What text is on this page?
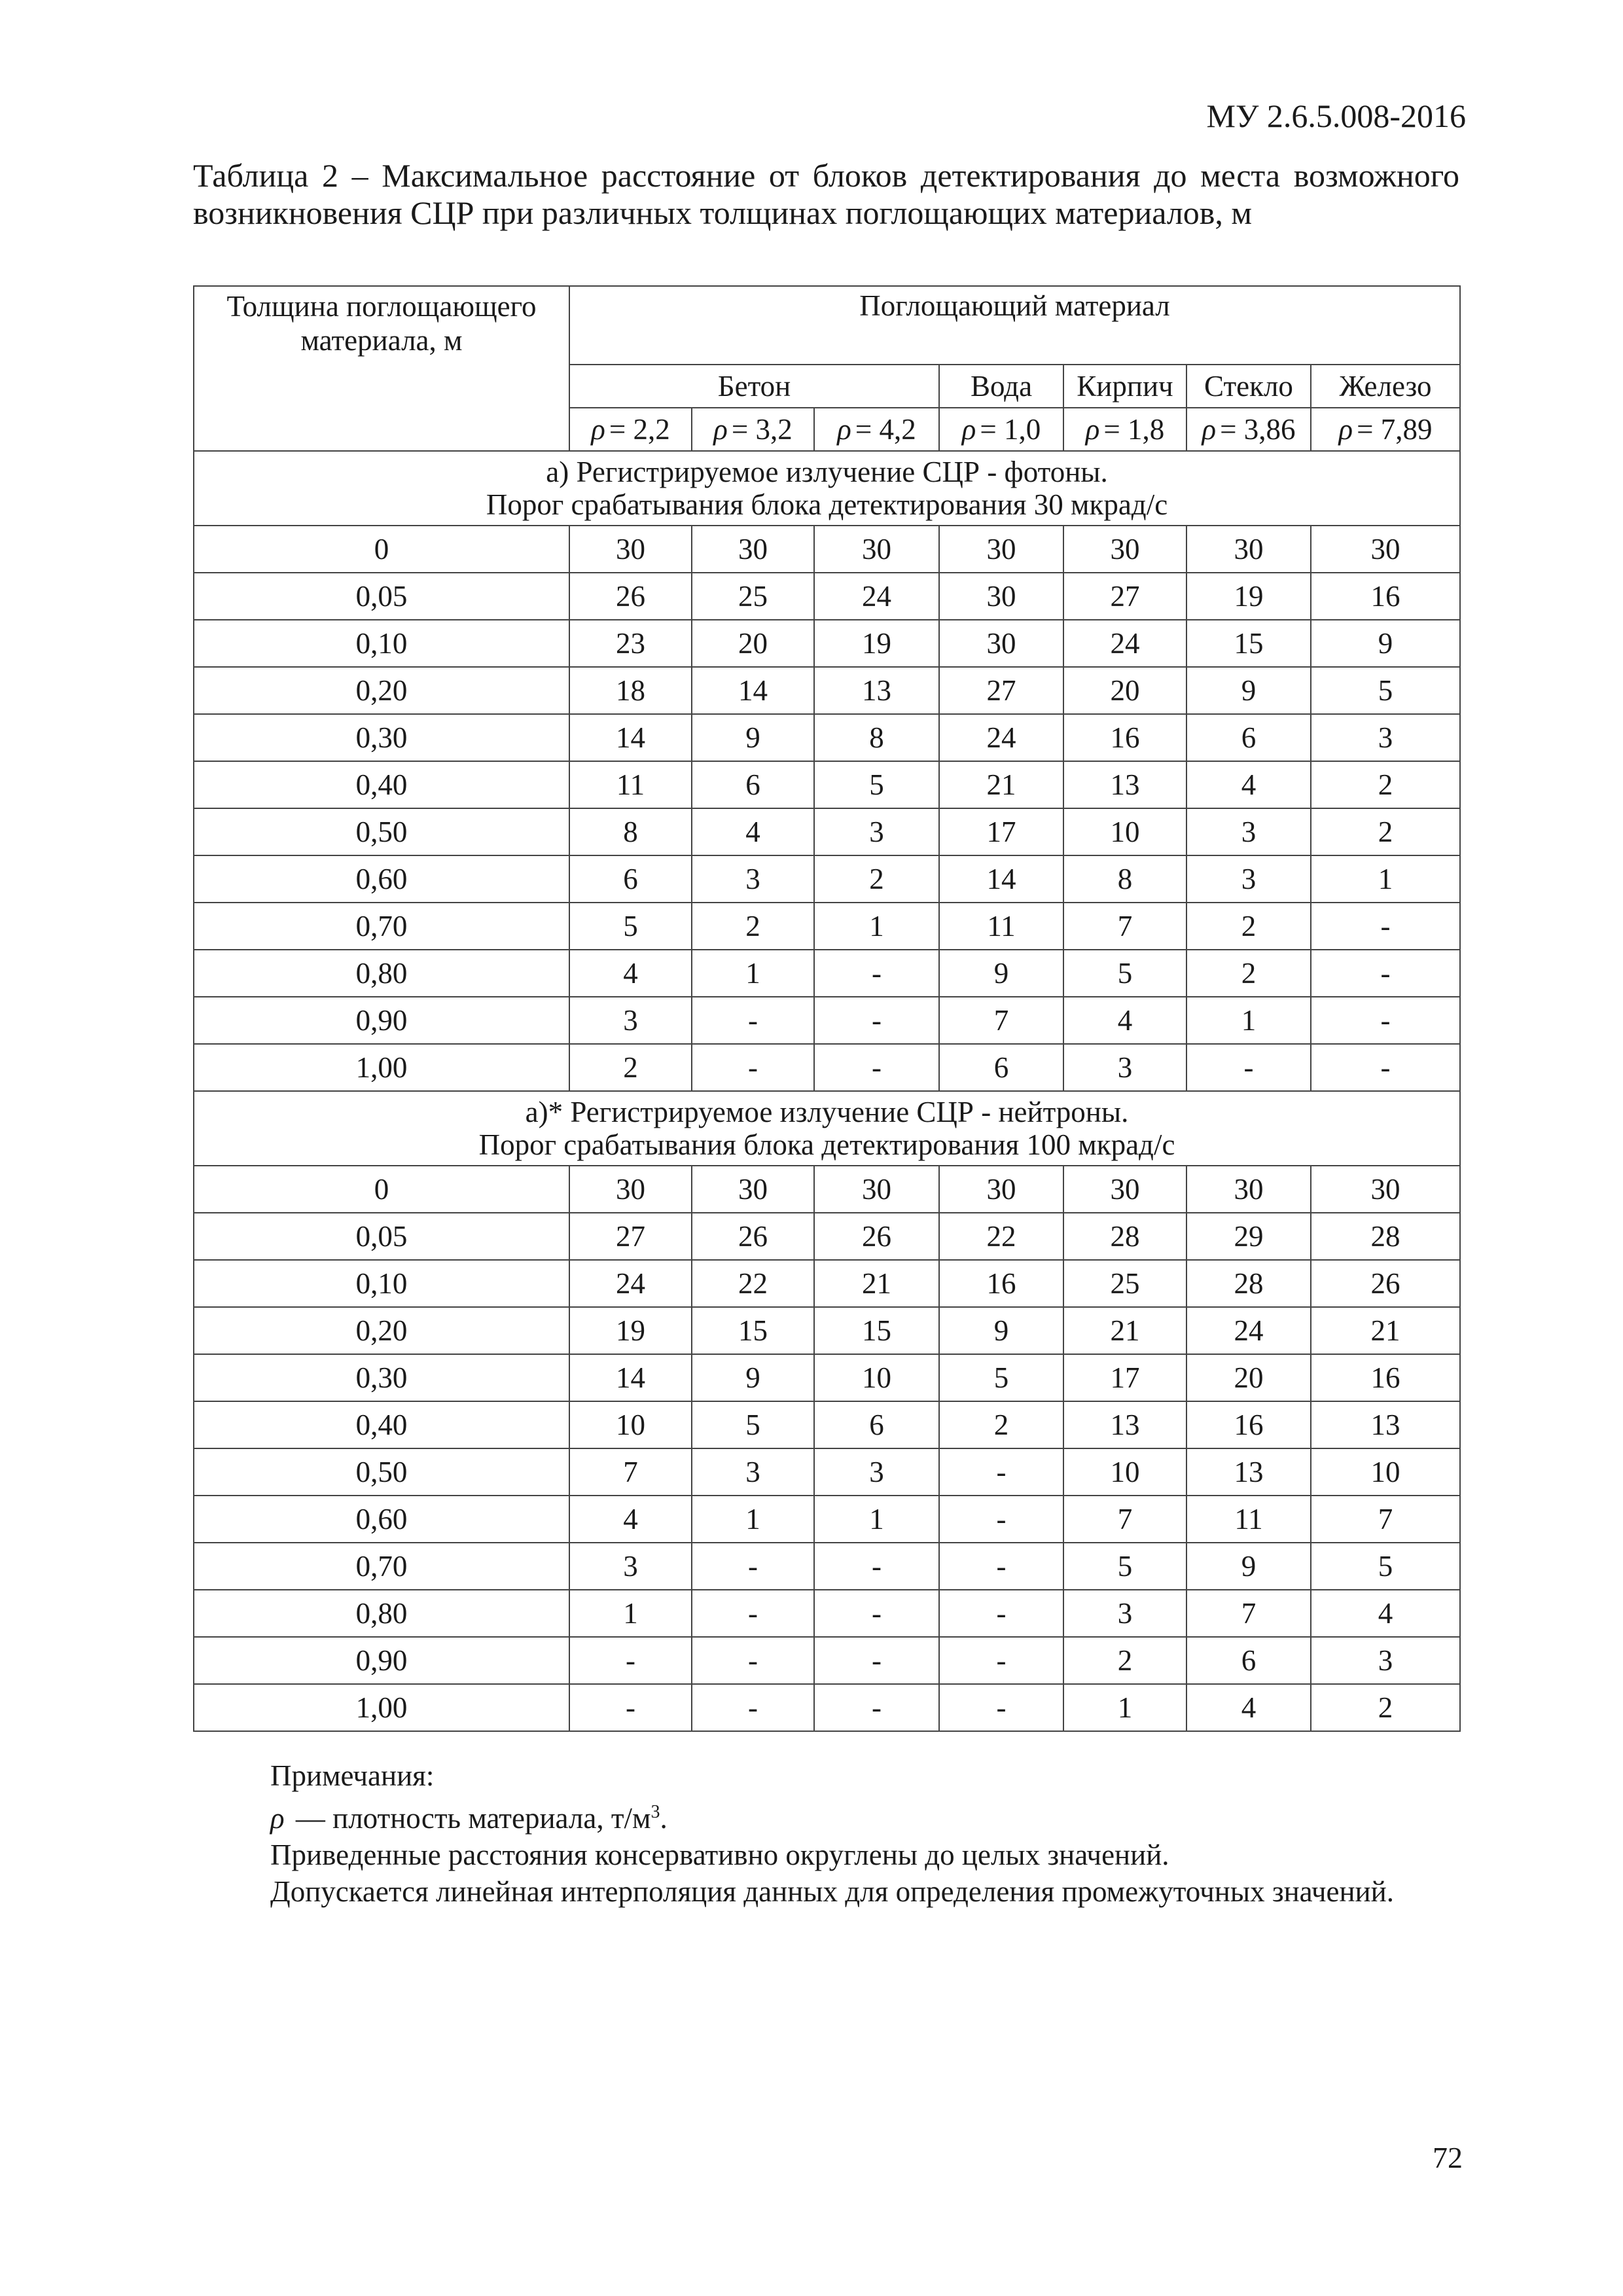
МУ 2.6.5.008-2016
Таблица 2 – Максимальное расстояние от блоков детектирования до места возможного возникновения СЦР при различных толщинах поглощающих материалов, м
Толщина поглощающего материала, м	Поглощающий материал						
	Бетон			Вода	Кирпич	Стекло	Железо
	ρ = 2,2	ρ = 3,2	ρ = 4,2	ρ = 1,0	ρ = 1,8	ρ = 3,86	ρ = 7,89

а) Регистрируемое излучение СЦР - фотоны.
Порог срабатывания блока детектирования 30 мкрад/с							

0	30	30	30	30	30	30	30
0,05	26	25	24	30	27	19	16
0,10	23	20	19	30	24	15	9
0,20	18	14	13	27	20	9	5
0,30	14	9	8	24	16	6	3
0,40	11	6	5	21	13	4	2
0,50	8	4	3	17	10	3	2
0,60	6	3	2	14	8	3	1
0,70	5	2	1	11	7	2	-
0,80	4	1	-	9	5	2	-
0,90	3	-	-	7	4	1	-
1,00	2	-	-	6	3	-	-

а)* Регистрируемое излучение СЦР - нейтроны.
Порог срабатывания блока детектирования 100 мкрад/с							

0	30	30	30	30	30	30	30
0,05	27	26	26	22	28	29	28
0,10	24	22	21	16	25	28	26
0,20	19	15	15	9	21	24	21
0,30	14	9	10	5	17	20	16
0,40	10	5	6	2	13	16	13
0,50	7	3	3	-	10	13	10
0,60	4	1	1	-	7	11	7
0,70	3	-	-	-	5	9	5
0,80	1	-	-	-	3	7	4
0,90	-	-	-	-	2	6	3
1,00	-	-	-	-	1	4	2
Примечания:
ρ — плотность материала, $т/м^3$.
Приведенные расстояния консервативно округлены до целых значений.
Допускается линейная интерполяция данных для определения промежуточных значений.
72
